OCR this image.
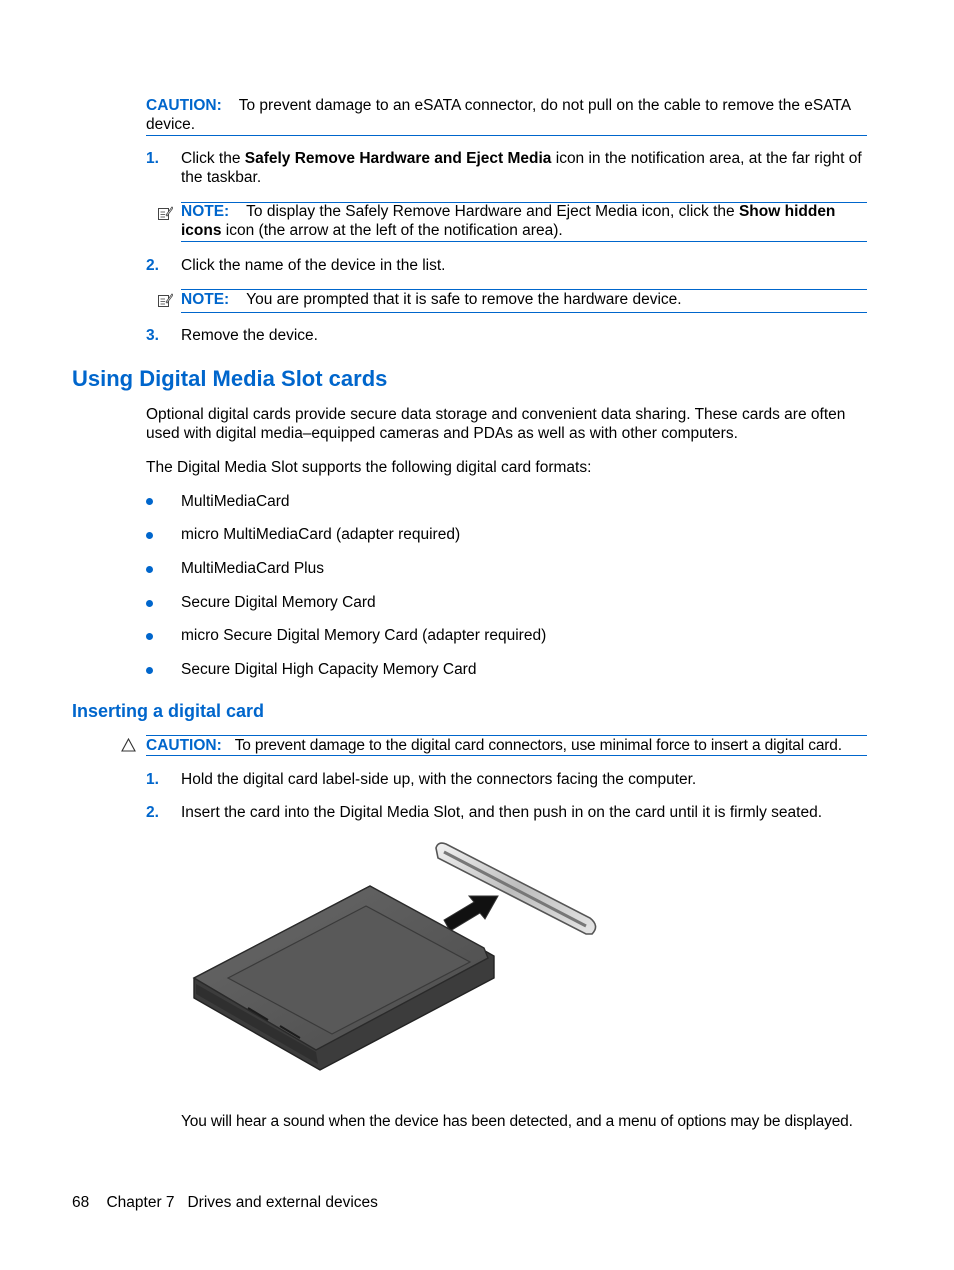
CAUTION: To prevent damage to an eSATA connector, do not pull on the cable to remove the eSATA device.
1.	Click the Safely Remove Hardware and Eject Media icon in the notification area, at the far right of the taskbar.
NOTE: To display the Safely Remove Hardware and Eject Media icon, click the Show hidden icons icon (the arrow at the left of the notification area).
2.	Click the name of the device in the list.
NOTE: You are prompted that it is safe to remove the hardware device.
3.	Remove the device.
Using Digital Media Slot cards
Optional digital cards provide secure data storage and convenient data sharing. These cards are often used with digital media–equipped cameras and PDAs as well as with other computers.
The Digital Media Slot supports the following digital card formats:
MultiMediaCard
micro MultiMediaCard (adapter required)
MultiMediaCard Plus
Secure Digital Memory Card
micro Secure Digital Memory Card (adapter required)
Secure Digital High Capacity Memory Card
Inserting a digital card
CAUTION: To prevent damage to the digital card connectors, use minimal force to insert a digital card.
1.	Hold the digital card label-side up, with the connectors facing the computer.
2.	Insert the card into the Digital Media Slot, and then push in on the card until it is firmly seated.
You will hear a sound when the device has been detected, and a menu of options may be displayed.
68 Chapter 7 Drives and external devices
